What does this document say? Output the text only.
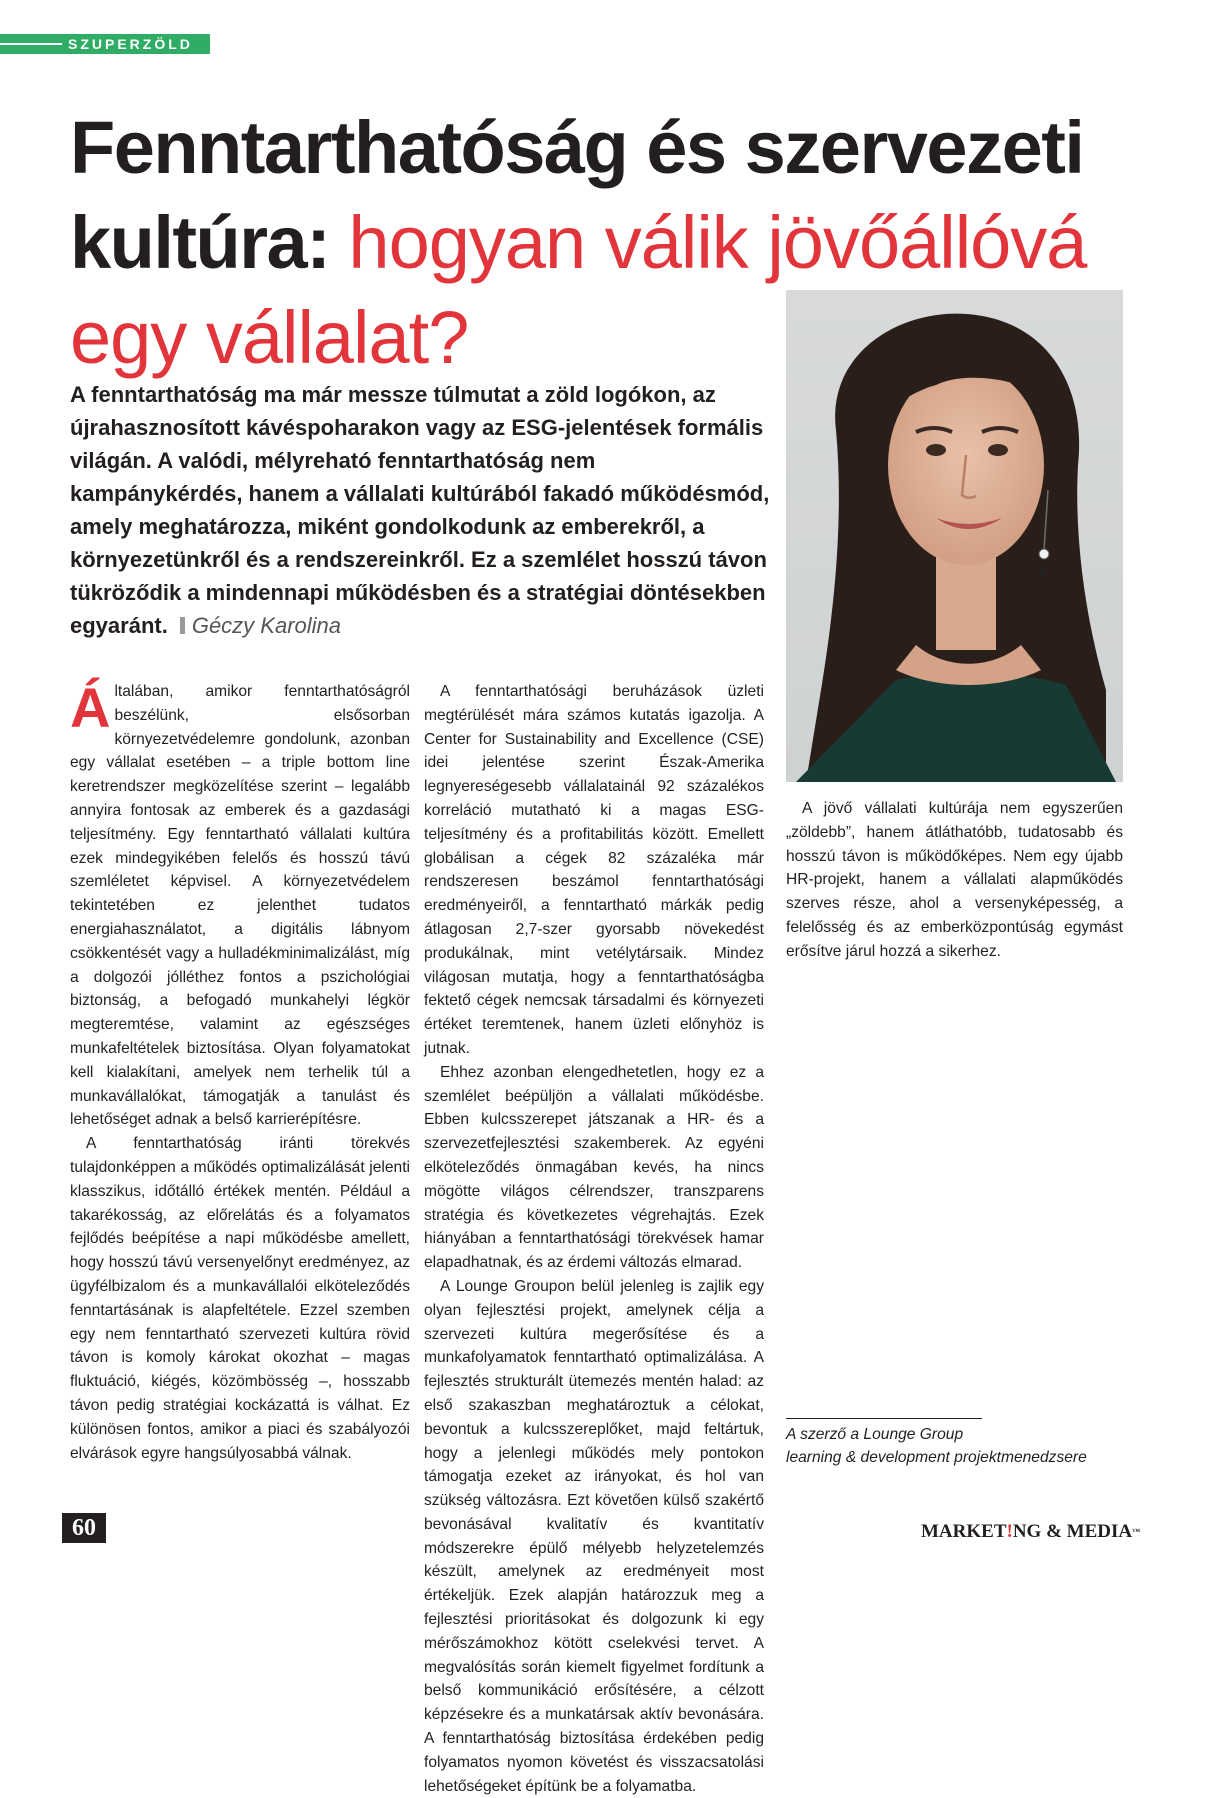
SZUPERZÖLD
Fenntarthatóság és szervezeti kultúra: hogyan válik jövőállóvá egy vállalat?

A fenntarthatóság ma már messze túlmutat a zöld logókon, az újrahasznosított kávéspoharakon vagy az ESG-jelentések formális világán. A valódi, mélyreható fenntarthatóság nem kampánykérdés, hanem a vállalati kultúrából fakadó működésmód, amely meghatározza, miként gondolkodunk az emberekről, a környezetünkről és a rendszereinkről. Ez a szemlélet hosszú távon tükröződik a mindennapi működésben és a stratégiai döntésekben egyaránt. Géczy Karolina

Általában, amikor fenntarthatóságról beszélünk, elsősorban környezetvédelemre gondolunk, azonban egy vállalat esetében – a triple bottom line keretrendszer megközelítése szerint – legalább annyira fontosak az emberek és a gazdasági teljesítmény. Egy fenntartható vállalati kultúra ezek mindegyikében felelős és hosszú távú szemléletet képvisel. A környezetvédelem tekintetében ez jelenthet tudatos energiahasználatot, a digitális lábnyom csökkentését vagy a hulladékminimalizálást, míg a dolgozói jólléthez fontos a pszichológiai biztonság, a befogadó munkahelyi légkör megteremtése, valamint az egészséges munkafeltételek biztosítása. Olyan folyamatokat kell kialakítani, amelyek nem terhelik túl a munkavállalókat, támogatják a tanulást és lehetőséget adnak a belső karrierépítésre.

A fenntarthatóság iránti törekvés tulajdonképpen a működés optimalizálását jelenti klasszikus, időtálló értékek mentén. Például a takarékosság, az előrelátás és a folyamatos fejlődés beépítése a napi működésbe amellett, hogy hosszú távú versenyelőnyt eredményez, az ügyfélbizalom és a munkavállalói elköteleződés fenntartásának is alapfeltétele. Ezzel szemben egy nem fenntartható szervezeti kultúra rövid távon is komoly károkat okozhat – magas fluktuáció, kiégés, közömbösség –, hosszabb távon pedig stratégiai kockázattá is válhat. Ez különösen fontos, amikor a piaci és szabályozói elvárások egyre hangsúlyosabbá válnak.

A fenntarthatósági beruházások üzleti megtérülését mára számos kutatás igazolja. A Center for Sustainability and Excellence (CSE) idei jelentése szerint Észak-Amerika legnyereségesebb vállalatainál 92 százalékos korreláció mutatható ki a magas ESG-teljesítmény és a profitabilitás között. Emellett globálisan a cégek 82 százaléka már rendszeresen beszámol fenntarthatósági eredményeiről, a fenntartható márkák pedig átlagosan 2,7-szer gyorsabb növekedést produkálnak, mint vetélytársaik. Mindez világosan mutatja, hogy a fenntarthatóságba fektető cégek nemcsak társadalmi és környezeti értéket teremtenek, hanem üzleti előnyhöz is jutnak.

Ehhez azonban elengedhetetlen, hogy ez a szemlélet beépüljön a vállalati működésbe. Ebben kulcsszerepet játszanak a HR- és a szervezetfejlesztési szakemberek. Az egyéni elköteleződés önmagában kevés, ha nincs mögötte világos célrendszer, transzparens stratégia és következetes végrehajtás. Ezek hiányában a fenntarthatósági törekvések hamar elapadhatnak, és az érdemi változás elmarad.

A Lounge Groupon belül jelenleg is zajlik egy olyan fejlesztési projekt, amelynek célja a szervezeti kultúra megerősítése és a munkafolyamatok fenntartható optimalizálása. A fejlesztés strukturált ütemezés mentén halad: az első szakaszban meghatároztuk a célokat, bevontuk a kulcsszereplőket, majd feltártuk, hogy a jelenlegi működés mely pontokon támogatja ezeket az irányokat, és hol van szükség változásra. Ezt követően külső szakértő bevonásával kvalitatív és kvantitatív módszerekre épülő mélyebb helyzetelemzés készült, amelynek az eredményeit most értékeljük. Ezek alapján határozzuk meg a fejlesztési prioritásokat és dolgozunk ki egy mérőszámokhoz kötött cselekvési tervet. A megvalósítás során kiemelt figyelmet fordítunk a belső kommunikáció erősítésére, a célzott képzésekre és a munkatársak aktív bevonására. A fenntarthatóság biztosítása érdekében pedig folyamatos nyomon követést és visszacsatolási lehetőségeket építünk be a folyamatba.

A jövő vállalati kultúrája nem egyszerűen „zöldebb”, hanem átláthatóbb, tudatosabb és hosszú távon is működőképes. Nem egy újabb HR-projekt, hanem a vállalati alapműködés szerves része, ahol a versenyképesség, a felelősség és az emberközpontúság egymást erősítve járul hozzá a sikerhez.

A szerző a Lounge Group
learning & development projektmenedzsere
60	MARKET!NG & MEDIA™
